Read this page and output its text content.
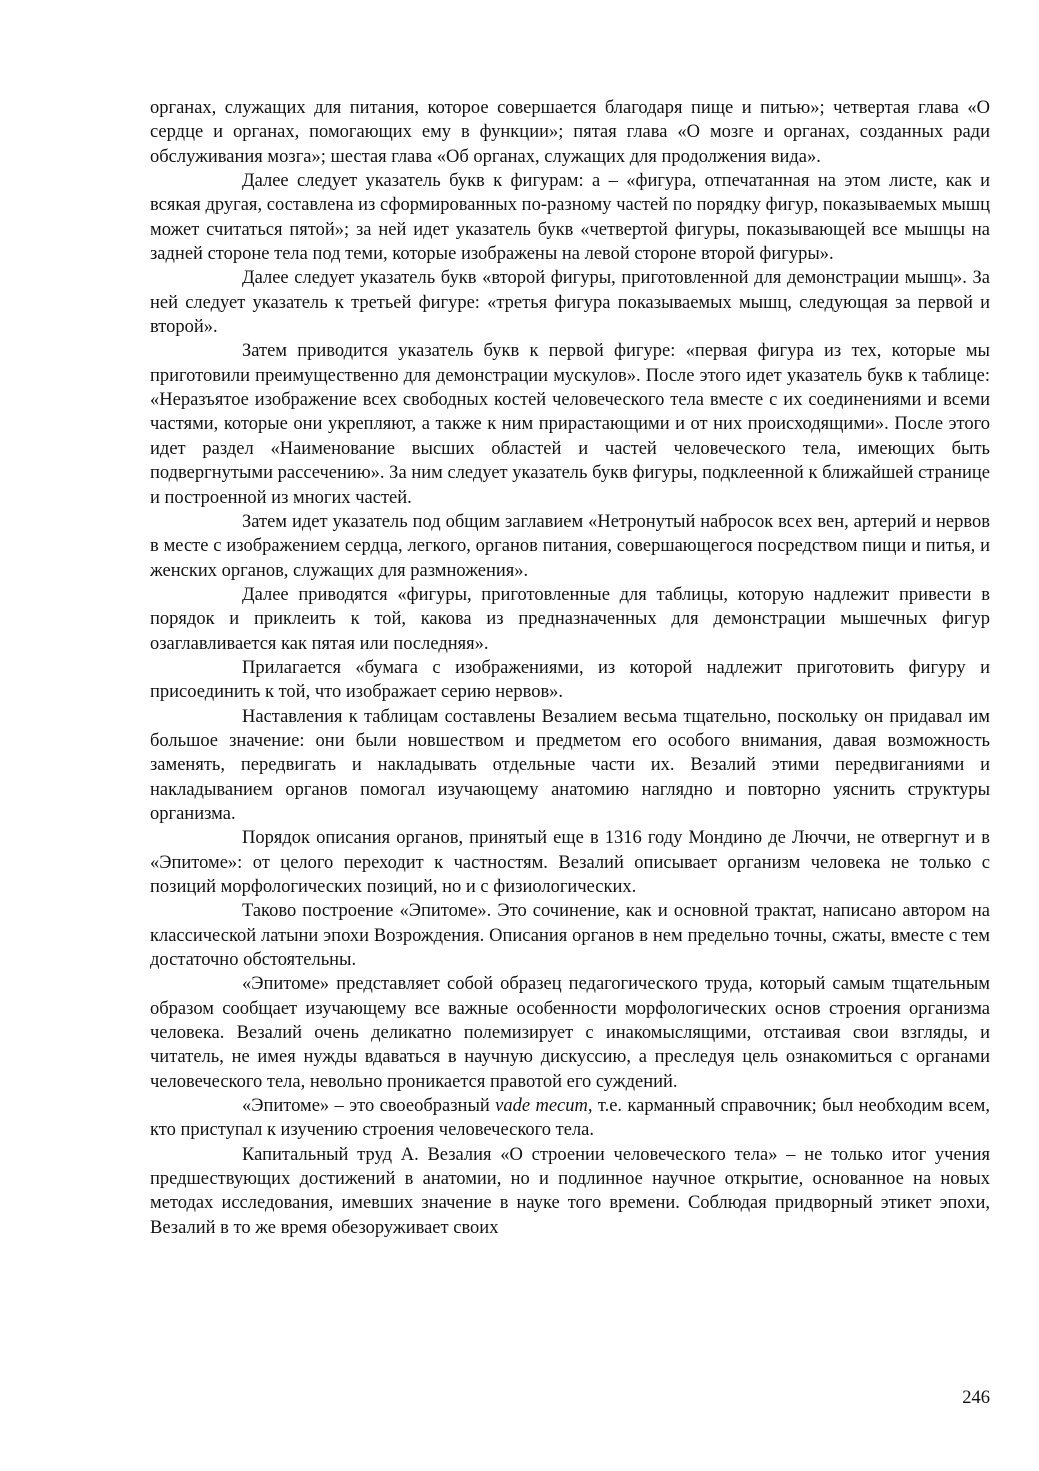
органах, служащих для питания, которое совершается благодаря пище и питью»; четвертая глава «О сердце и органах, помогающих ему в функции»; пятая глава «О мозге и органах, созданных ради обслуживания мозга»; шестая глава «Об органах, служащих для продолжения вида».

Далее следует указатель букв к фигурам: а – «фигура, отпечатанная на этом листе, как и всякая другая, составлена из сформированных по-разному частей по порядку фигур, показываемых мышц может считаться пятой»; за ней идет указатель букв «четвертой фигуры, показывающей все мышцы на задней стороне тела под теми, которые изображены на левой стороне второй фигуры».

Далее следует указатель букв «второй фигуры, приготовленной для демонстрации мышц». За ней следует указатель к третьей фигуре: «третья фигура показываемых мышц, следующая за первой и второй».

Затем приводится указатель букв к первой фигуре: «первая фигура из тех, которые мы приготовили преимущественно для демонстрации мускулов». После этого идет указатель букв к таблице: «Неразъятое изображение всех свободных костей человеческого тела вместе с их соединениями и всеми частями, которые они укрепляют, а также к ним прирастающими и от них происходящими». После этого идет раздел «Наименование высших областей и частей человеческого тела, имеющих быть подвергнутыми рассечению». За ним следует указатель букв фигуры, подклеенной к ближайшей странице и построенной из многих частей.

Затем идет указатель под общим заглавием «Нетронутый набросок всех вен, артерий и нервов в месте с изображением сердца, легкого, органов питания, совершающегося посредством пищи и питья, и женских органов, служащих для размножения».

Далее приводятся «фигуры, приготовленные для таблицы, которую надлежит привести в порядок и приклеить к той, какова из предназначенных для демонстрации мышечных фигур озаглавливается как пятая или последняя».

Прилагается «бумага с изображениями, из которой надлежит приготовить фигуру и присоединить к той, что изображает серию нервов».

Наставления к таблицам составлены Везалием весьма тщательно, поскольку он придавал им большое значение: они были новшеством и предметом его особого внимания, давая возможность заменять, передвигать и накладывать отдельные части их. Везалий этими передвиганиями и накладыванием органов помогал изучающему анатомию наглядно и повторно уяснить структуры организма.

Порядок описания органов, принятый еще в 1316 году Мондино де Люччи, не отвергнут и в «Эпитоме»: от целого переходит к частностям. Везалий описывает организм человека не только с позиций морфологических позиций, но и с физиологических.

Таково построение «Эпитоме». Это сочинение, как и основной трактат, написано автором на классической латыни эпохи Возрождения. Описания органов в нем предельно точны, сжаты, вместе с тем достаточно обстоятельны.

«Эпитоме» представляет собой образец педагогического труда, который самым тщательным образом сообщает изучающему все важные особенности морфологических основ строения организма человека. Везалий очень деликатно полемизирует с инакомыслящими, отстаивая свои взгляды, и читатель, не имея нужды вдаваться в научную дискуссию, а преследуя цель ознакомиться с органами человеческого тела, невольно проникается правотой его суждений.

«Эпитоме» – это своеобразный vade mecum, т.е. карманный справочник; был необходим всем, кто приступал к изучению строения человеческого тела.

Капитальный труд А. Везалия «О строении человеческого тела» – не только итог учения предшествующих достижений в анатомии, но и подлинное научное открытие, основанное на новых методах исследования, имевших значение в науке того времени. Соблюдая придворный этикет эпохи, Везалий в то же время обезоруживает своих

246
